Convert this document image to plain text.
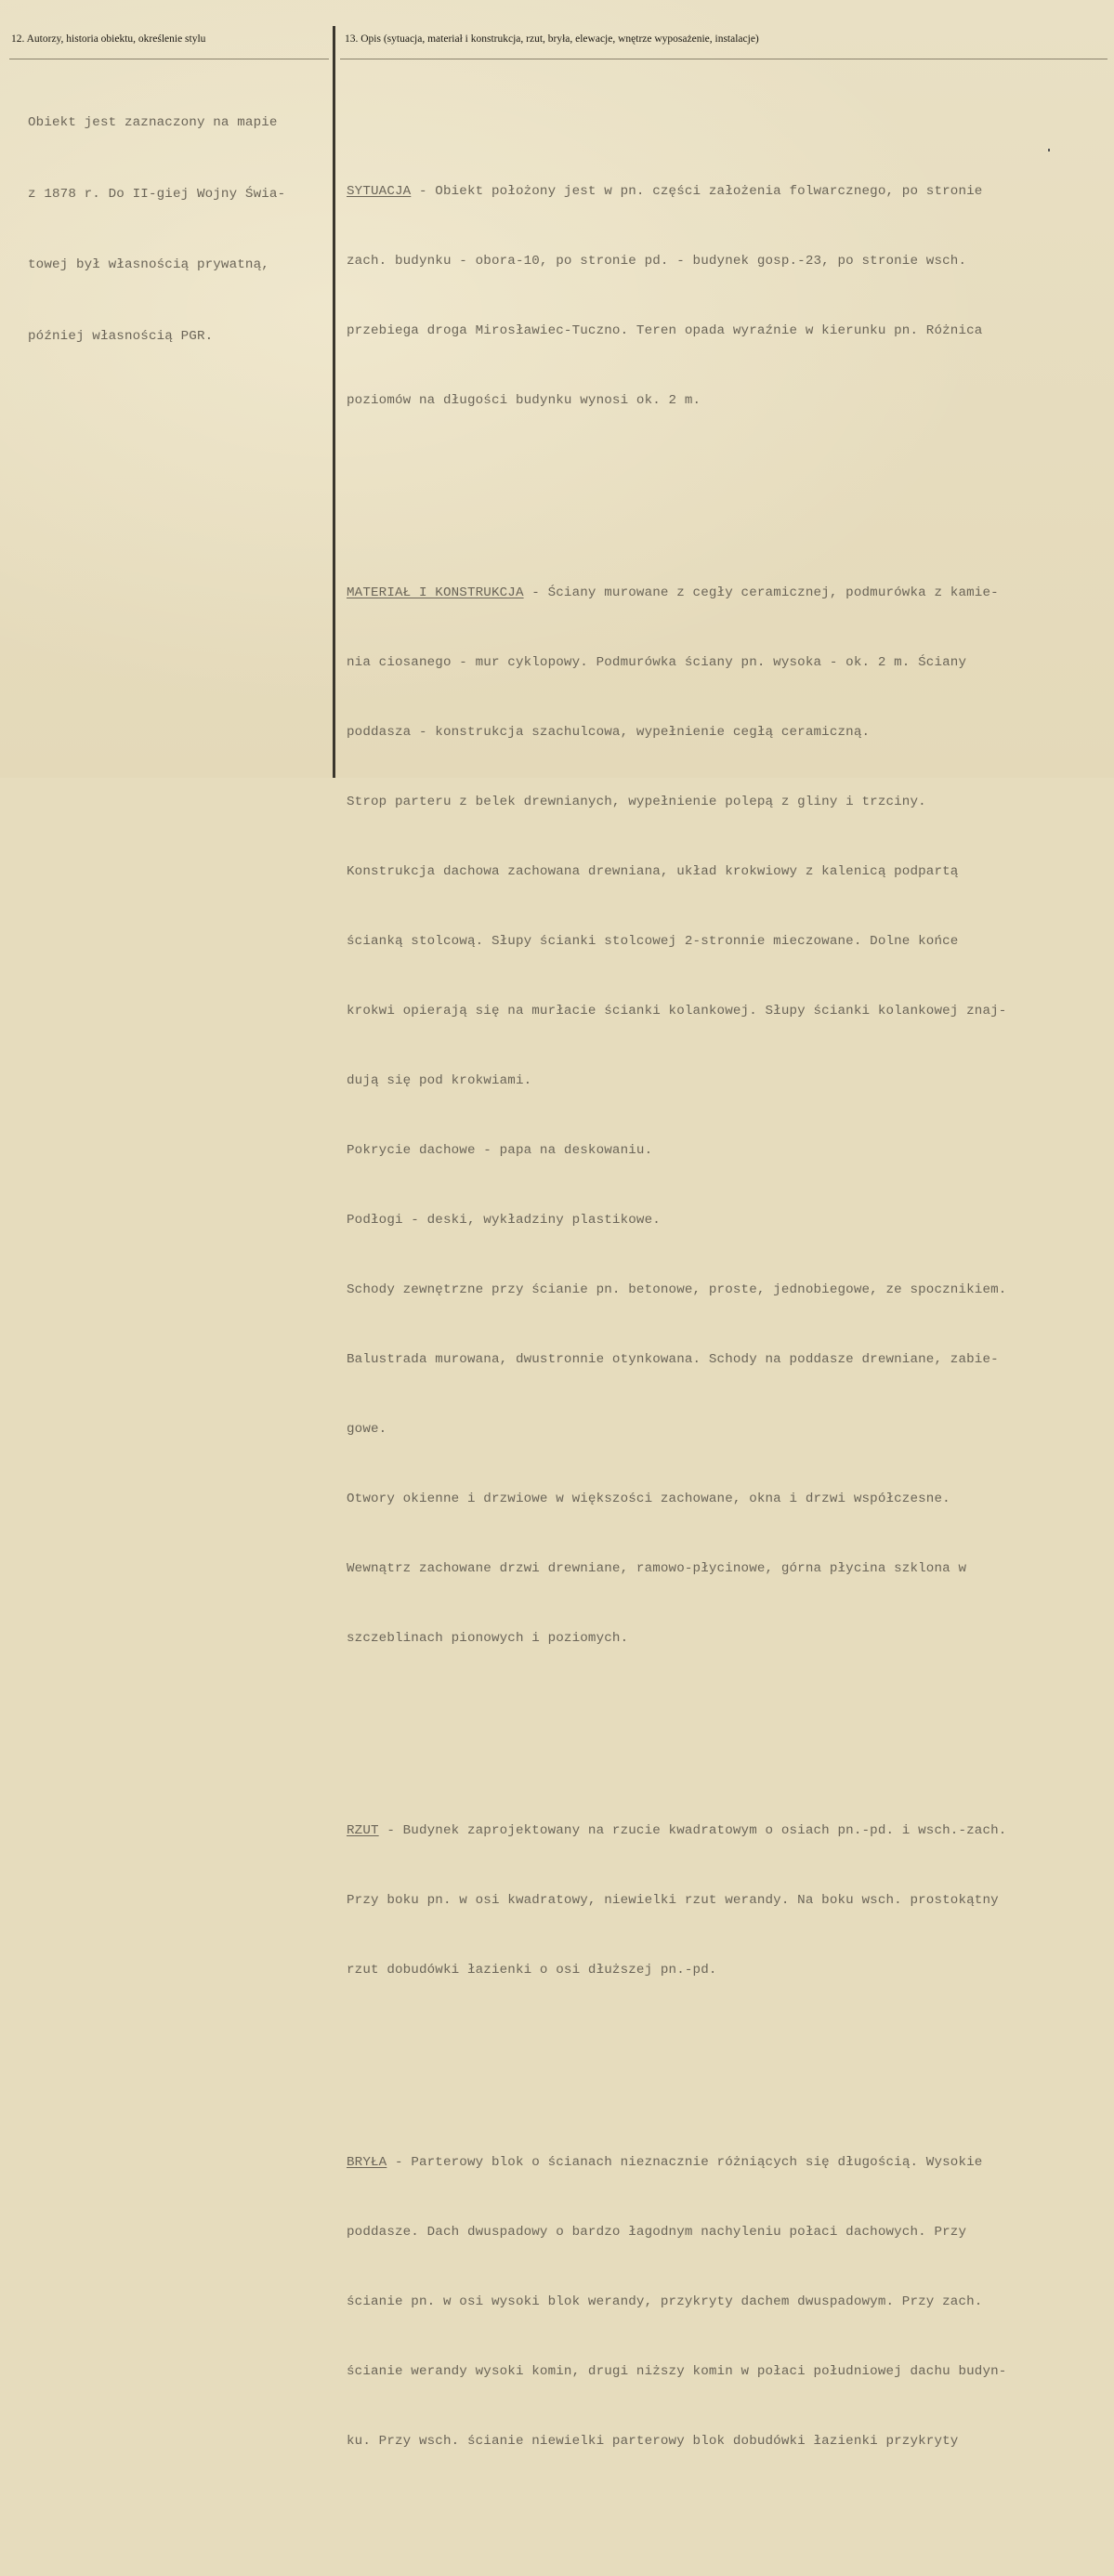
12. Autorzy, historia obiektu, określenie stylu	13. Opis (sytuacja, materiał i konstrukcja, rzut, bryła, elewacje, wnętrze wyposażenie, instalacje)

Obiekt jest zaznaczony na mapie

z 1878 r. Do II-giej Wojny Świa-

towej był własnością prywatną,

później własnością PGR.

SYTUACJA - Obiekt położony jest w pn. części założenia folwarcznego, po stronie

zach. budynku - obora-10, po stronie pd. - budynek gosp.-23, po stronie wsch.

przebiega droga Mirosławiec-Tuczno. Teren opada wyraźnie w kierunku pn. Różnica

poziomów na długości budynku wynosi ok. 2 m.

MATERIAŁ I KONSTRUKCJA - Ściany murowane z cegły ceramicznej, podmurówka z kamie-

nia ciosanego - mur cyklopowy. Podmurówka ściany pn. wysoka - ok. 2 m. Ściany

poddasza - konstrukcja szachulcowa, wypełnienie cegłą ceramiczną.

Strop parteru z belek drewnianych, wypełnienie polepą z gliny i trzciny.

Konstrukcja dachowa zachowana drewniana, układ krokwiowy z kalenicą podpartą

ścianką stolcową. Słupy ścianki stolcowej 2-stronnie mieczowane. Dolne końce

krokwi opierają się na murłacie ścianki kolankowej. Słupy ścianki kolankowej znaj-

dują się pod krokwiami.

Pokrycie dachowe - papa na deskowaniu.

Podłogi - deski, wykładziny plastikowe.

Schody zewnętrzne przy ścianie pn. betonowe, proste, jednobiegowe, ze spocznikiem.

Balustrada murowana, dwustronnie otynkowana. Schody na poddasze drewniane, zabie-

gowe.

Otwory okienne i drzwiowe w większości zachowane, okna i drzwi współczesne.

Wewnątrz zachowane drzwi drewniane, ramowo-płycinowe, górna płycina szklona w

szczeblinach pionowych i poziomych.

RZUT - Budynek zaprojektowany na rzucie kwadratowym o osiach pn.-pd. i wsch.-zach.

Przy boku pn. w osi kwadratowy, niewielki rzut werandy. Na boku wsch. prostokątny

rzut dobudówki łazienki o osi dłuższej pn.-pd.

BRYŁA - Parterowy blok o ścianach nieznacznie różniących się długością. Wysokie

poddasze. Dach dwuspadowy o bardzo łagodnym nachyleniu połaci dachowych. Przy

ścianie pn. w osi wysoki blok werandy, przykryty dachem dwuspadowym. Przy zach.

ścianie werandy wysoki komin, drugi niższy komin w połaci południowej dachu budyn-

ku. Przy wsch. ścianie niewielki parterowy blok dobudówki łazienki przykryty
